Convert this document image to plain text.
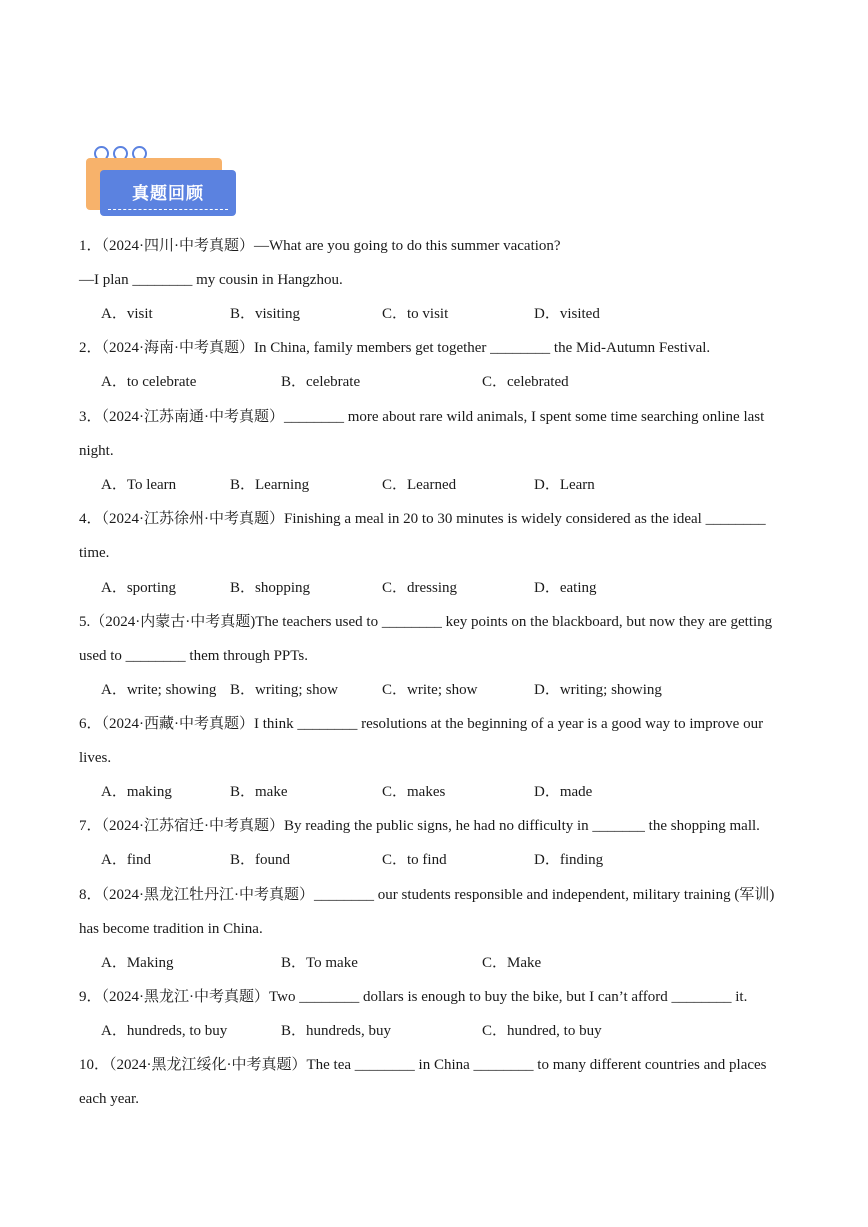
真题回顾
1．（2024·四川·中考真题）—What are you going to do this summer vacation?
—I plan ________ my cousin in Hangzhou.
A．visit	B．visiting	C．to visit	D．visited
2．（2024·海南·中考真题）In China, family members get together ________ the Mid-Autumn Festival.
A．to celebrate	B．celebrate	C．celebrated
3．（2024·江苏南通·中考真题）________ more about rare wild animals, I spent some time searching online last
night.
A．To learn	B．Learning	C．Learned	D．Learn
4．（2024·江苏徐州·中考真题）Finishing a meal in 20 to 30 minutes is widely considered as the ideal ________
time.
A．sporting	B．shopping	C．dressing	D．eating
5.（2024·内蒙古·中考真题)The teachers used to ________ key points on the blackboard, but now they are getting
used to ________ them through PPTs.
A．write; showing B．writing; show	C．write; show	D．writing; showing
6．（2024·西藏·中考真题）I think ________ resolutions at the beginning of a year is a good way to improve our
lives.
A．making	B．make	C．makes	D．made
7．（2024·江苏宿迁·中考真题）By reading the public signs, he had no difficulty in _______ the shopping mall.
A．find	B．found	C．to find	D．finding
8．（2024·黑龙江牡丹江·中考真题）________ our students responsible and independent, military training (军训)
has become tradition in China.
A．Making	B．To make	C．Make
9．（2024·黑龙江·中考真题）Two ________ dollars is enough to buy the bike, but I can’t afford ________ it.
A．hundreds, to buy	B．hundreds, buy	C．hundred, to buy
10．（2024·黑龙江绥化·中考真题）The tea ________ in China ________ to many different countries and places
each year.
